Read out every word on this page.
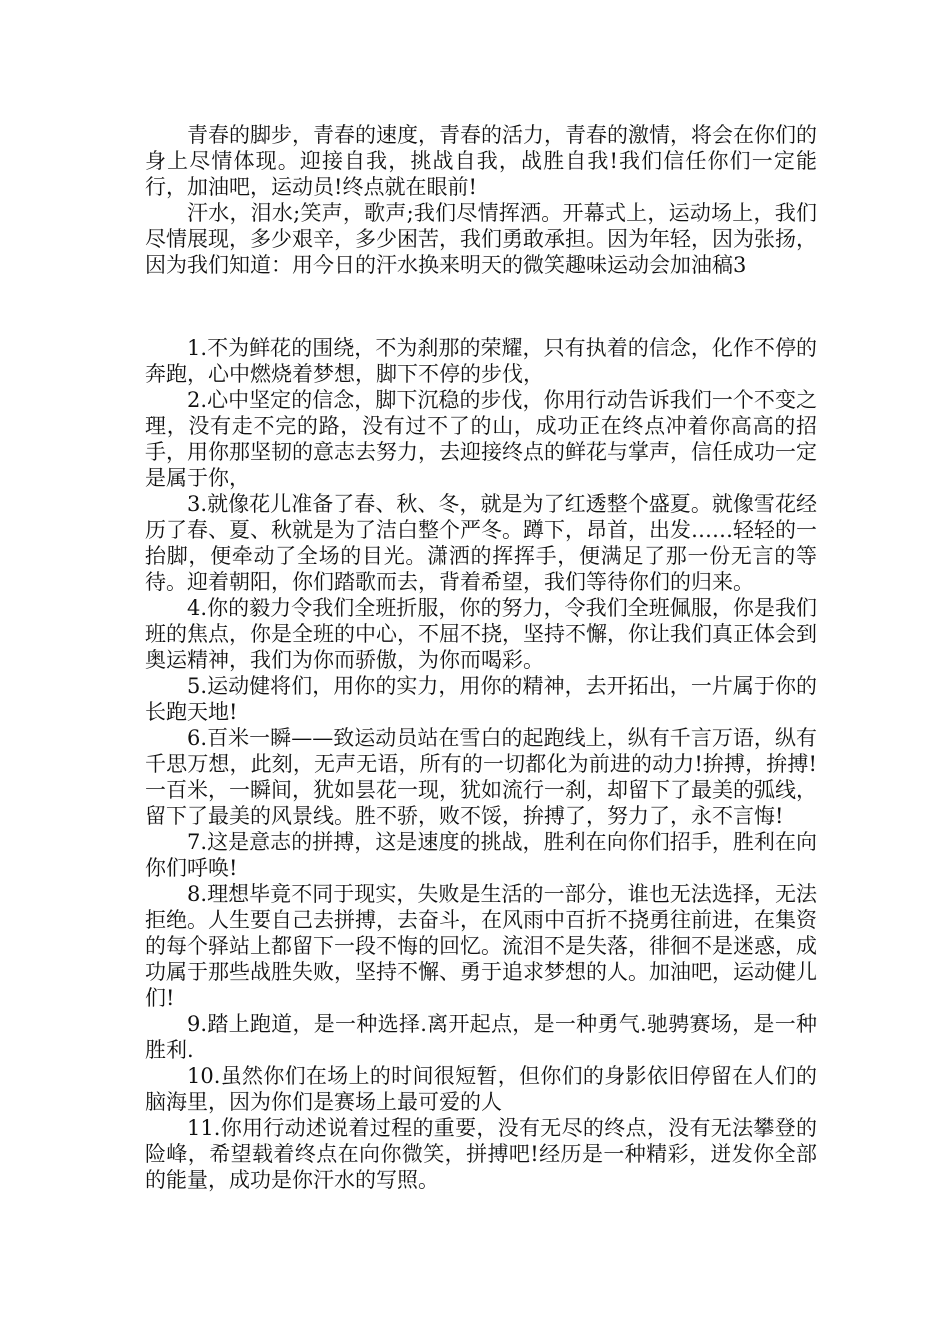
青春的脚步，青春的速度，青春的活力，青春的激情，将会在你们的身上尽情体现。迎接自我，挑战自我，战胜自我!我们信任你们一定能行，加油吧，运动员!终点就在眼前!

汗水，泪水;笑声，歌声;我们尽情挥洒。开幕式上，运动场上，我们尽情展现，多少艰辛，多少困苦，我们勇敢承担。因为年轻，因为张扬，因为我们知道：用今日的汗水换来明天的微笑趣味运动会加油稿3

1.不为鲜花的围绕，不为刹那的荣耀，只有执着的信念，化作不停的奔跑，心中燃烧着梦想，脚下不停的步伐，

2.心中坚定的信念，脚下沉稳的步伐，你用行动告诉我们一个不变之理，没有走不完的路，没有过不了的山，成功正在终点冲着你高高的招手，用你那坚韧的意志去努力，去迎接终点的鲜花与掌声，信任成功一定是属于你，

3.就像花儿准备了春、秋、冬，就是为了红透整个盛夏。就像雪花经历了春、夏、秋就是为了洁白整个严冬。蹲下，昂首，出发……轻轻的一抬脚，便牵动了全场的目光。潇洒的挥挥手，便满足了那一份无言的等待。迎着朝阳，你们踏歌而去，背着希望，我们等待你们的归来。

4.你的毅力令我们全班折服，你的努力，令我们全班佩服，你是我们班的焦点，你是全班的中心，不屈不挠，坚持不懈，你让我们真正体会到奥运精神，我们为你而骄傲，为你而喝彩。

5.运动健将们，用你的实力，用你的精神，去开拓出，一片属于你的长跑天地!

6.百米一瞬——致运动员站在雪白的起跑线上，纵有千言万语，纵有千思万想，此刻，无声无语，所有的一切都化为前进的动力!拚搏，拚搏!一百米，一瞬间，犹如昙花一现，犹如流行一刹，却留下了最美的弧线，留下了最美的风景线。胜不骄，败不馁，拚搏了，努力了，永不言悔!

7.这是意志的拼搏，这是速度的挑战，胜利在向你们招手，胜利在向你们呼唤!

8.理想毕竟不同于现实，失败是生活的一部分，谁也无法选择，无法拒绝。人生要自己去拼搏，去奋斗，在风雨中百折不挠勇往前进，在集资的每个驿站上都留下一段不悔的回忆。流泪不是失落，徘徊不是迷惑，成功属于那些战胜失败，坚持不懈、勇于追求梦想的人。加油吧，运动健儿们!

9.踏上跑道，是一种选择.离开起点，是一种勇气.驰骋赛场，是一种胜利.

10.虽然你们在场上的时间很短暂，但你们的身影依旧停留在人们的脑海里，因为你们是赛场上最可爱的人

11.你用行动述说着过程的重要，没有无尽的终点，没有无法攀登的险峰，希望载着终点在向你微笑，拼搏吧!经历是一种精彩，迸发你全部的能量，成功是你汗水的写照。
